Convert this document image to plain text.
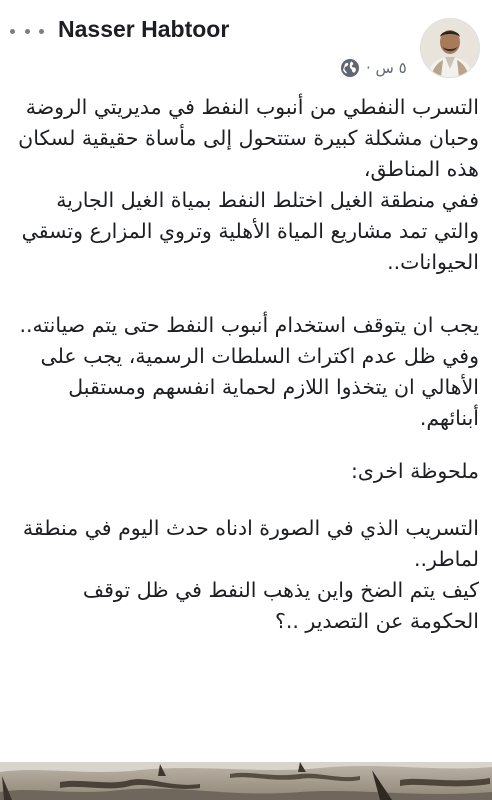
Nasser Habtoor
٥ س ·

التسرب النفطي من أنبوب النفط في مديريتي الروضة وحبان مشكلة كبيرة ستتحول إلى مأساة حقيقية لسكان هذه المناطق،

ففي منطقة الغيل اختلط النفط بمياة الغيل الجارية والتي تمد مشاريع المياة الأهلية وتروي المزارع وتسقي الحيوانات..

يجب ان يتوقف استخدام أنبوب النفط حتى يتم صيانته..

وفي ظل عدم اكتراث السلطات الرسمية، يجب على الأهالي ان يتخذوا اللازم لحماية انفسهم ومستقبل أبنائهم.

ملحوظة اخرى:

التسريب الذي في الصورة ادناه حدث اليوم في منطقة لماطر..

كيف يتم الضخ واين يذهب النفط في ظل توقف الحكومة عن التصدير ..؟
